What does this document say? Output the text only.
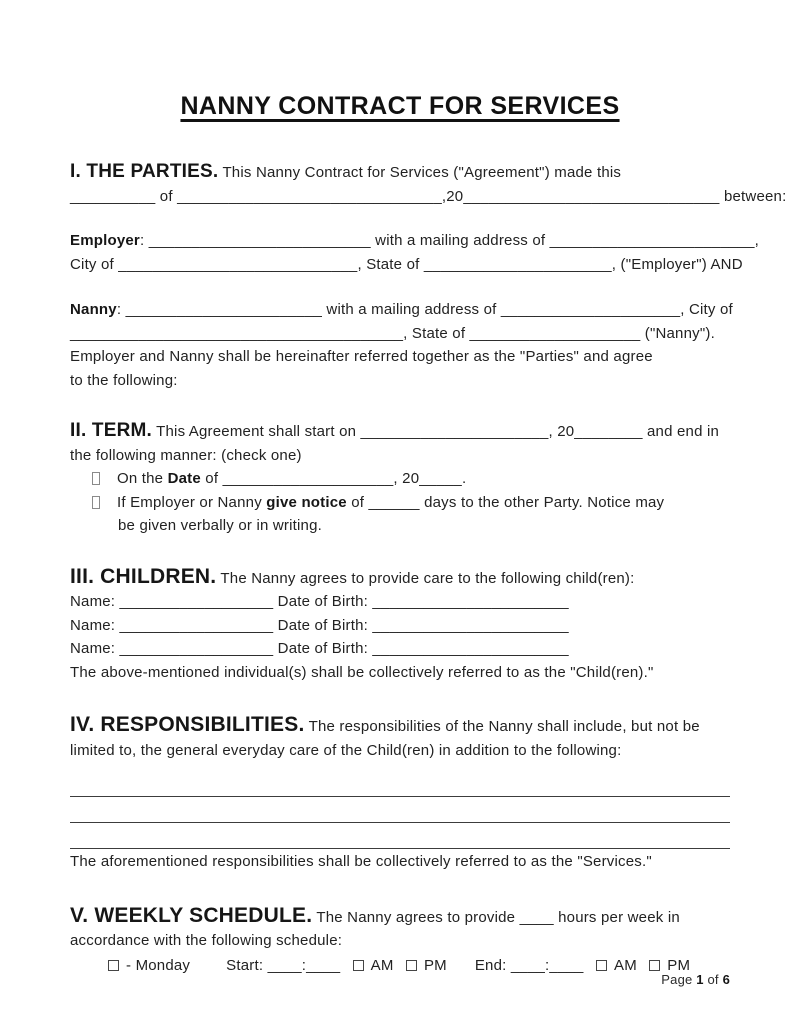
NANNY CONTRACT FOR SERVICES
I. THE PARTIES. This Nanny Contract for Services ("Agreement") made this
__________ of _______________________________,20______________________________ between:
Employer: __________________________ with a mailing address of ________________________,
City of ____________________________, State of ______________________, ("Employer") AND
Nanny: _______________________ with a mailing address of _____________________, City of
_______________________________________, State of ____________________ ("Nanny").
Employer and Nanny shall be hereinafter referred together as the "Parties" and agree
to the following:
II. TERM. This Agreement shall start on ______________________, 20________ and end in
the following manner: (check one)
On the Date of ____________________, 20_____.
If Employer or Nanny give notice of ______ days to the other Party. Notice may
be given verbally or in writing.
III. CHILDREN. The Nanny agrees to provide care to the following child(ren):
Name: __________________ Date of Birth: _______________________
Name: __________________ Date of Birth: _______________________
Name: __________________ Date of Birth: _______________________
The above-mentioned individual(s) shall be collectively referred to as the "Child(ren)."
IV. RESPONSIBILITIES. The responsibilities of the Nanny shall include, but not be
limited to, the general everyday care of the Child(ren) in addition to the following:
The aforementioned responsibilities shall be collectively referred to as the "Services."
V. WEEKLY SCHEDULE. The Nanny agrees to provide ____ hours per week in
accordance with the following schedule:
- Monday Start: ____:____ AM PM End: ____:____ AM PM
Page 1 of 6
